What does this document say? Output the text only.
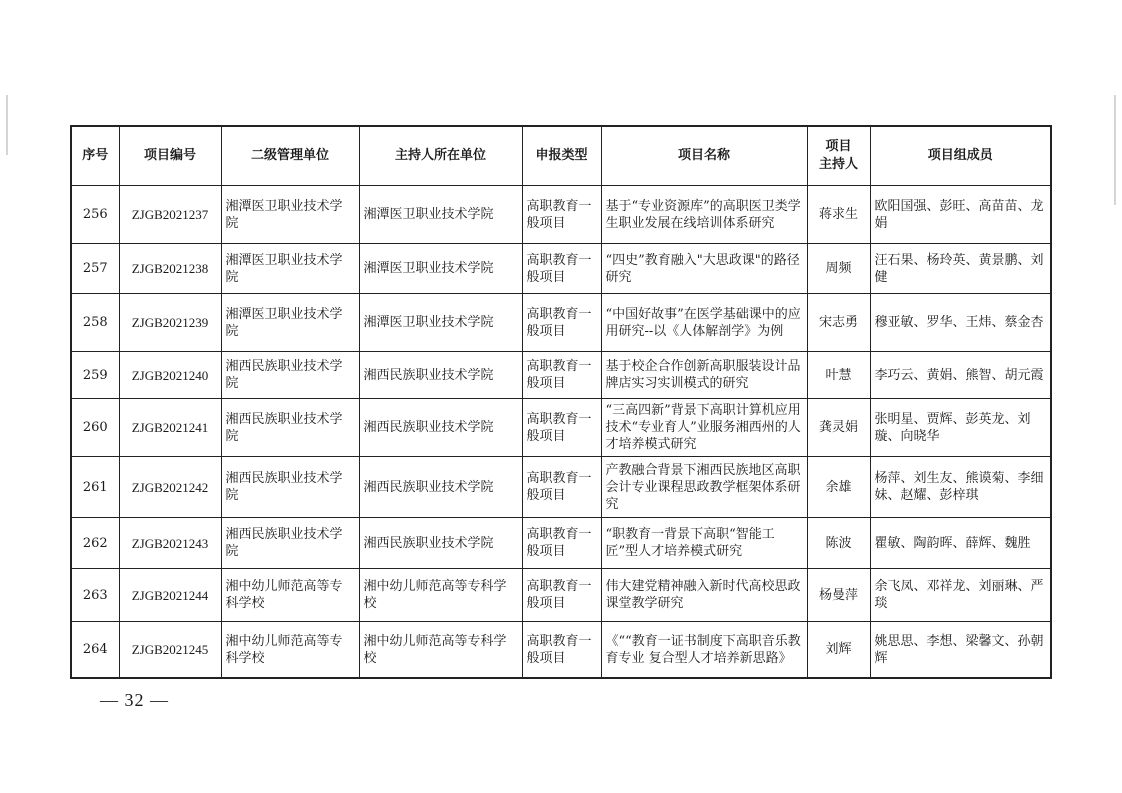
序号	项目编号	二级管理单位	主持人所在单位	申报类型	项目名称	项目
主持人	项目组成员
256	ZJGB2021237	湘潭医卫职业技术学院	湘潭医卫职业技术学院	高职教育一般项目	基于“专业资源库”的高职医卫类学生职业发展在线培训体系研究	蒋求生	欧阳国强、彭旺、高苗苗、龙娟
257	ZJGB2021238	湘潭医卫职业技术学院	湘潭医卫职业技术学院	高职教育一般项目	“四史”教育融入"大思政课"的路径研究	周频	汪石果、杨玲英、黄景鹏、刘健
258	ZJGB2021239	湘潭医卫职业技术学院	湘潭医卫职业技术学院	高职教育一般项目	“中国好故事”在医学基础课中的应用研究--以《人体解剖学》为例	宋志勇	穆亚敏、罗华、王炜、蔡金杏
259	ZJGB2021240	湘西民族职业技术学院	湘西民族职业技术学院	高职教育一般项目	基于校企合作创新高职服装设计品牌店实习实训模式的研究	叶慧	李巧云、黄娟、熊智、胡元霞
260	ZJGB2021241	湘西民族职业技术学院	湘西民族职业技术学院	高职教育一般项目	“三高四新”背景下高职计算机应用技术“专业育人”业服务湘西州的人才培养模式研究	龚灵娟	张明星、贾辉、彭英龙、刘璇、向晓华
261	ZJGB2021242	湘西民族职业技术学院	湘西民族职业技术学院	高职教育一般项目	产教融合背景下湘西民族地区高职会计专业课程思政教学框架体系研究	余雄	杨萍、刘生友、熊谟菊、李细妹、赵耀、彭梓琪
262	ZJGB2021243	湘西民族职业技术学院	湘西民族职业技术学院	高职教育一般项目	“职教育一背景下高职“智能工匠”型人才培养模式研究	陈波	瞿敏、陶韵晖、薛辉、魏胜
263	ZJGB2021244	湘中幼儿师范高等专科学校	湘中幼儿师范高等专科学校	高职教育一般项目	伟大建党精神融入新时代高校思政课堂教学研究	杨曼萍	余飞凤、邓祥龙、刘丽琳、严琰
264	ZJGB2021245	湘中幼儿师范高等专科学校	湘中幼儿师范高等专科学校	高职教育一般项目	《““教育一证书制度下高职音乐教育专业 复合型人才培养新思路》	刘辉	姚思思、李想、梁馨文、孙朝辉
— 32 —
